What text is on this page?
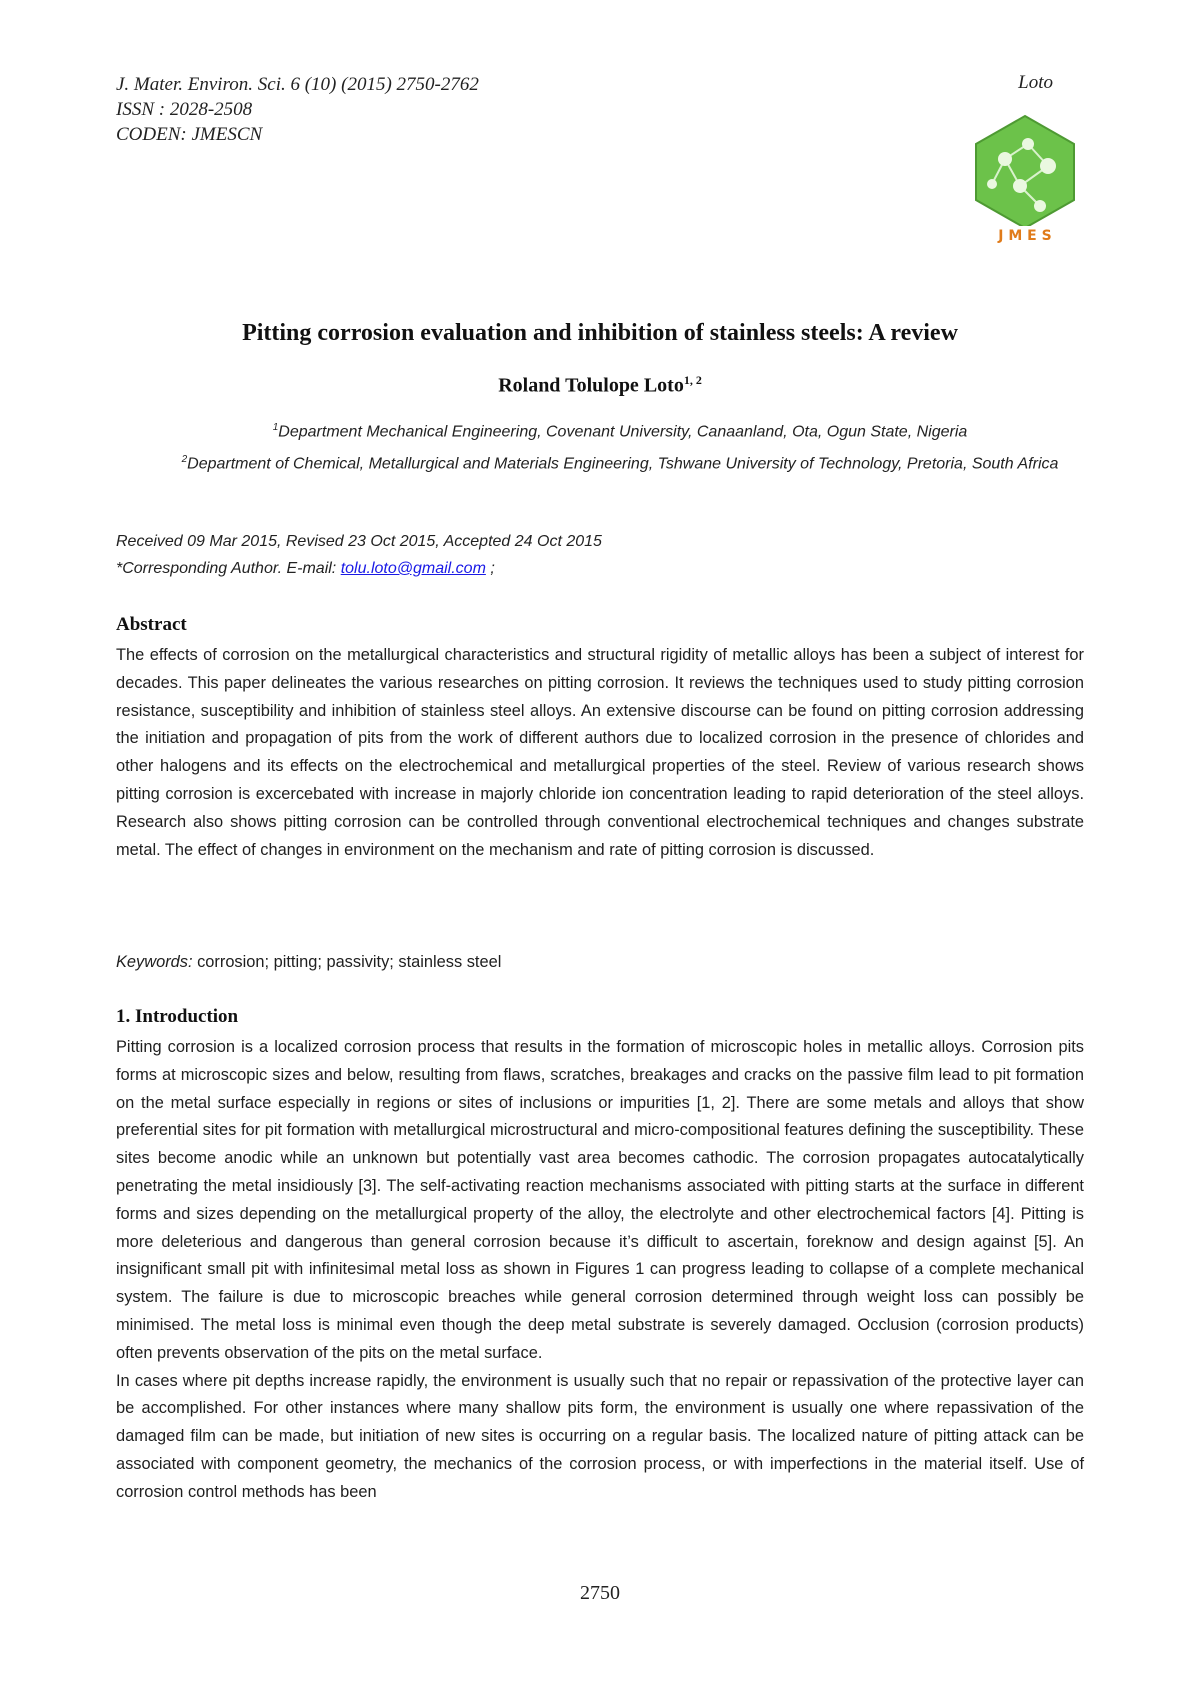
J. Mater. Environ. Sci. 6 (10) (2015) 2750-2762
ISSN : 2028-2508
CODEN: JMESCN
Loto
J M E S
Pitting corrosion evaluation and inhibition of stainless steels: A review
Roland Tolulope Loto$^{1, 2}$
$^1$Department Mechanical Engineering, Covenant University, Canaanland, Ota, Ogun State, Nigeria
$^2$Department of Chemical, Metallurgical and Materials Engineering, Tshwane University of Technology, Pretoria, South Africa
Received 09 Mar 2015, Revised 23 Oct 2015, Accepted 24 Oct 2015
*Corresponding Author. E-mail: tolu.loto@gmail.com ;
Abstract
The effects of corrosion on the metallurgical characteristics and structural rigidity of metallic alloys has been a subject of interest for decades. This paper delineates the various researches on pitting corrosion. It reviews the techniques used to study pitting corrosion resistance, susceptibility and inhibition of stainless steel alloys. An extensive discourse can be found on pitting corrosion addressing the initiation and propagation of pits from the work of different authors due to localized corrosion in the presence of chlorides and other halogens and its effects on the electrochemical and metallurgical properties of the steel. Review of various research shows pitting corrosion is excercebated with increase in majorly chloride ion concentration leading to rapid deterioration of the steel alloys. Research also shows pitting corrosion can be controlled through conventional electrochemical techniques and changes substrate metal. The effect of changes in environment on the mechanism and rate of pitting corrosion is discussed.
Keywords: corrosion; pitting; passivity; stainless steel
1. Introduction
Pitting corrosion is a localized corrosion process that results in the formation of microscopic holes in metallic alloys. Corrosion pits forms at microscopic sizes and below, resulting from flaws, scratches, breakages and cracks on the passive film lead to pit formation on the metal surface especially in regions or sites of inclusions or impurities [1, 2]. There are some metals and alloys that show preferential sites for pit formation with metallurgical microstructural and micro-compositional features defining the susceptibility. These sites become anodic while an unknown but potentially vast area becomes cathodic. The corrosion propagates autocatalytically penetrating the metal insidiously [3]. The self-activating reaction mechanisms associated with pitting starts at the surface in different forms and sizes depending on the metallurgical property of the alloy, the electrolyte and other electrochemical factors [4]. Pitting is more deleterious and dangerous than general corrosion because it’s difficult to ascertain, foreknow and design against [5]. An insignificant small pit with infinitesimal metal loss as shown in Figures 1 can progress leading to collapse of a complete mechanical system. The failure is due to microscopic breaches while general corrosion determined through weight loss can possibly be minimised. The metal loss is minimal even though the deep metal substrate is severely damaged. Occlusion (corrosion products) often prevents observation of the pits on the metal surface.
In cases where pit depths increase rapidly, the environment is usually such that no repair or repassivation of the protective layer can be accomplished. For other instances where many shallow pits form, the environment is usually one where repassivation of the damaged film can be made, but initiation of new sites is occurring on a regular basis. The localized nature of pitting attack can be associated with component geometry, the mechanics of the corrosion process, or with imperfections in the material itself. Use of corrosion control methods has been
2750
